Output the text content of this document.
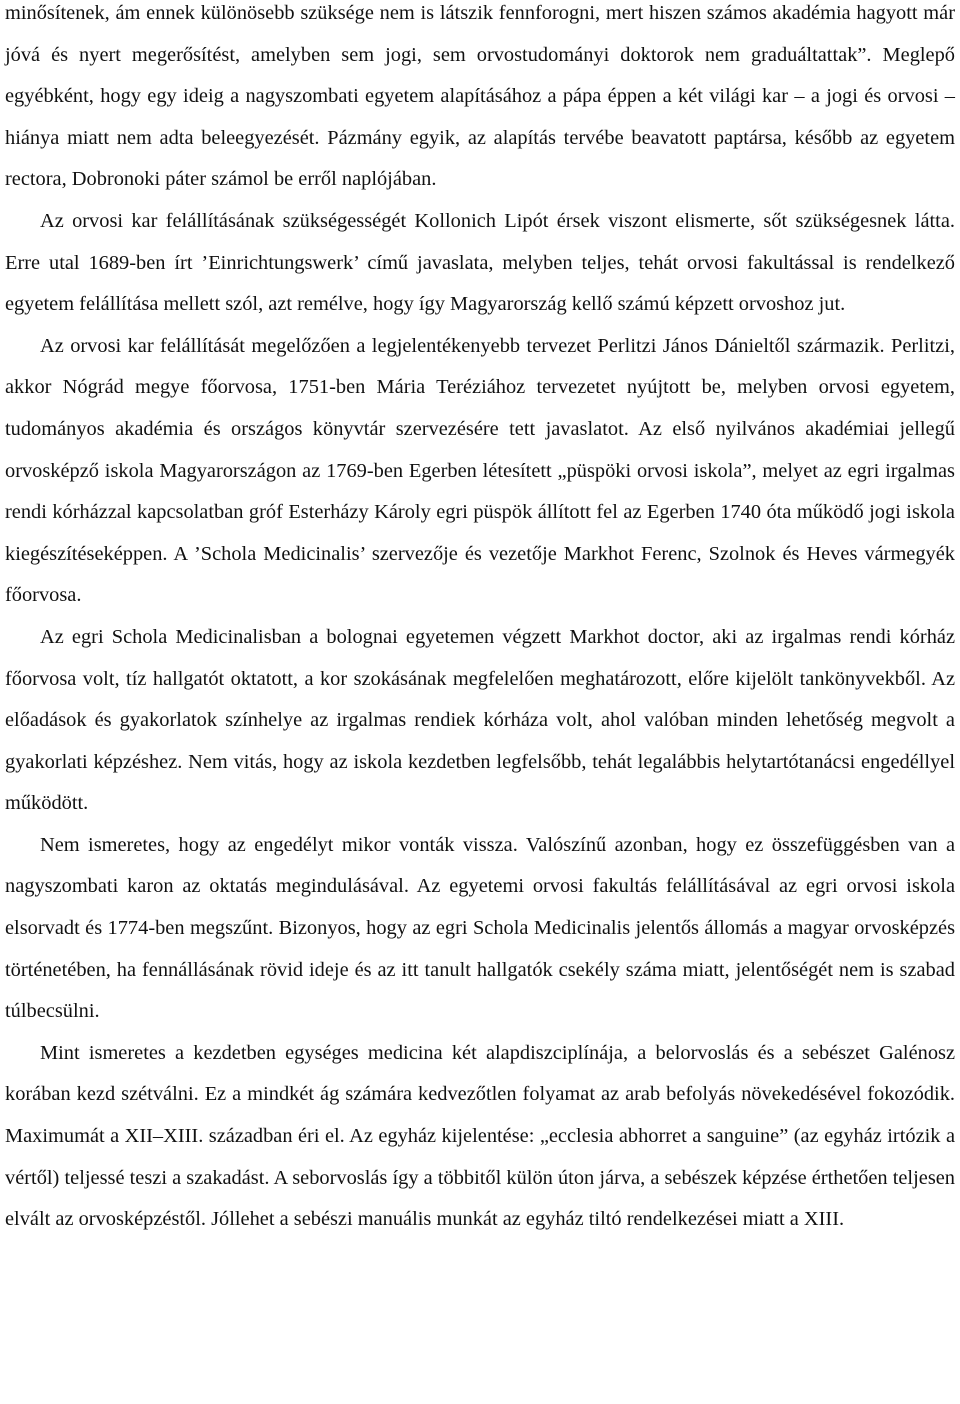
minősítenek, ám ennek különösebb szüksége nem is látszik fennforogni, mert hiszen számos akadémia hagyott már jóvá és nyert megerősítést, amelyben sem jogi, sem orvostudományi doktorok nem graduáltattak”. Meglepő egyébként, hogy egy ideig a nagyszombati egyetem alapításához a pápa éppen a két világi kar – a jogi és orvosi – hiánya miatt nem adta beleegyezését. Pázmány egyik, az alapítás tervébe beavatott paptársa, később az egyetem rectora, Dobronoki páter számol be erről naplójában.

Az orvosi kar felállításának szükségességét Kollonich Lipót érsek viszont elismerte, sőt szükségesnek látta. Erre utal 1689-ben írt ’Einrichtungswerk’ című javaslata, melyben teljes, tehát orvosi fakultással is rendelkező egyetem felállítása mellett szól, azt remélve, hogy így Magyarország kellő számú képzett orvoshoz jut.

Az orvosi kar felállítását megelőzően a legjelentékenyebb tervezet Perlitzi János Dánieltől származik. Perlitzi, akkor Nógrád megye főorvosa, 1751-ben Mária Teréziához tervezetet nyújtott be, melyben orvosi egyetem, tudományos akadémia és országos könyvtár szervezésére tett javaslatot. Az első nyilvános akadémiai jellegű orvosképző iskola Magyarországon az 1769-ben Egerben létesített „püspöki orvosi iskola”, melyet az egri irgalmas rendi kórházzal kapcsolatban gróf Esterházy Károly egri püspök állított fel az Egerben 1740 óta működő jogi iskola kiegészítéseképpen. A ’Schola Medicinalis’ szervezője és vezetője Markhot Ferenc, Szolnok és Heves vármegyék főorvosa.

Az egri Schola Medicinalisban a bolognai egyetemen végzett Markhot doctor, aki az irgalmas rendi kórház főorvosa volt, tíz hallgatót oktatott, a kor szokásának megfelelően meghatározott, előre kijelölt tankönyvekből. Az előadások és gyakorlatok színhelye az irgalmas rendiek kórháza volt, ahol valóban minden lehetőség megvolt a gyakorlati képzéshez. Nem vitás, hogy az iskola kezdetben legfelsőbb, tehát legalábbis helytartótanácsi engedéllyel működött.

Nem ismeretes, hogy az engedélyt mikor vonták vissza. Valószínű azonban, hogy ez összefüggésben van a nagyszombati karon az oktatás megindulásával. Az egyetemi orvosi fakultás felállításával az egri orvosi iskola elsorvadt és 1774-ben megszűnt. Bizonyos, hogy az egri Schola Medicinalis jelentős állomás a magyar orvosképzés történetében, ha fennállásának rövid ideje és az itt tanult hallgatók csekély száma miatt, jelentőségét nem is szabad túlbecsülni.

Mint ismeretes a kezdetben egységes medicina két alapdiszciplínája, a belorvoslás és a sebészet Galénosz korában kezd szétválni. Ez a mindkét ág számára kedvezőtlen folyamat az arab befolyás növekedésével fokozódik. Maximumát a XII–XIII. században éri el. Az egyház kijelentése: „ecclesia abhorret a sanguine” (az egyház irtózik a vértől) teljessé teszi a szakadást. A seborvoslás így a többitől külön úton járva, a sebészek képzése érthetően teljesen elvált az orvosképzéstől. Jóllehet a sebészi manuális munkát az egyház tiltó rendelkezései miatt a XIII.
